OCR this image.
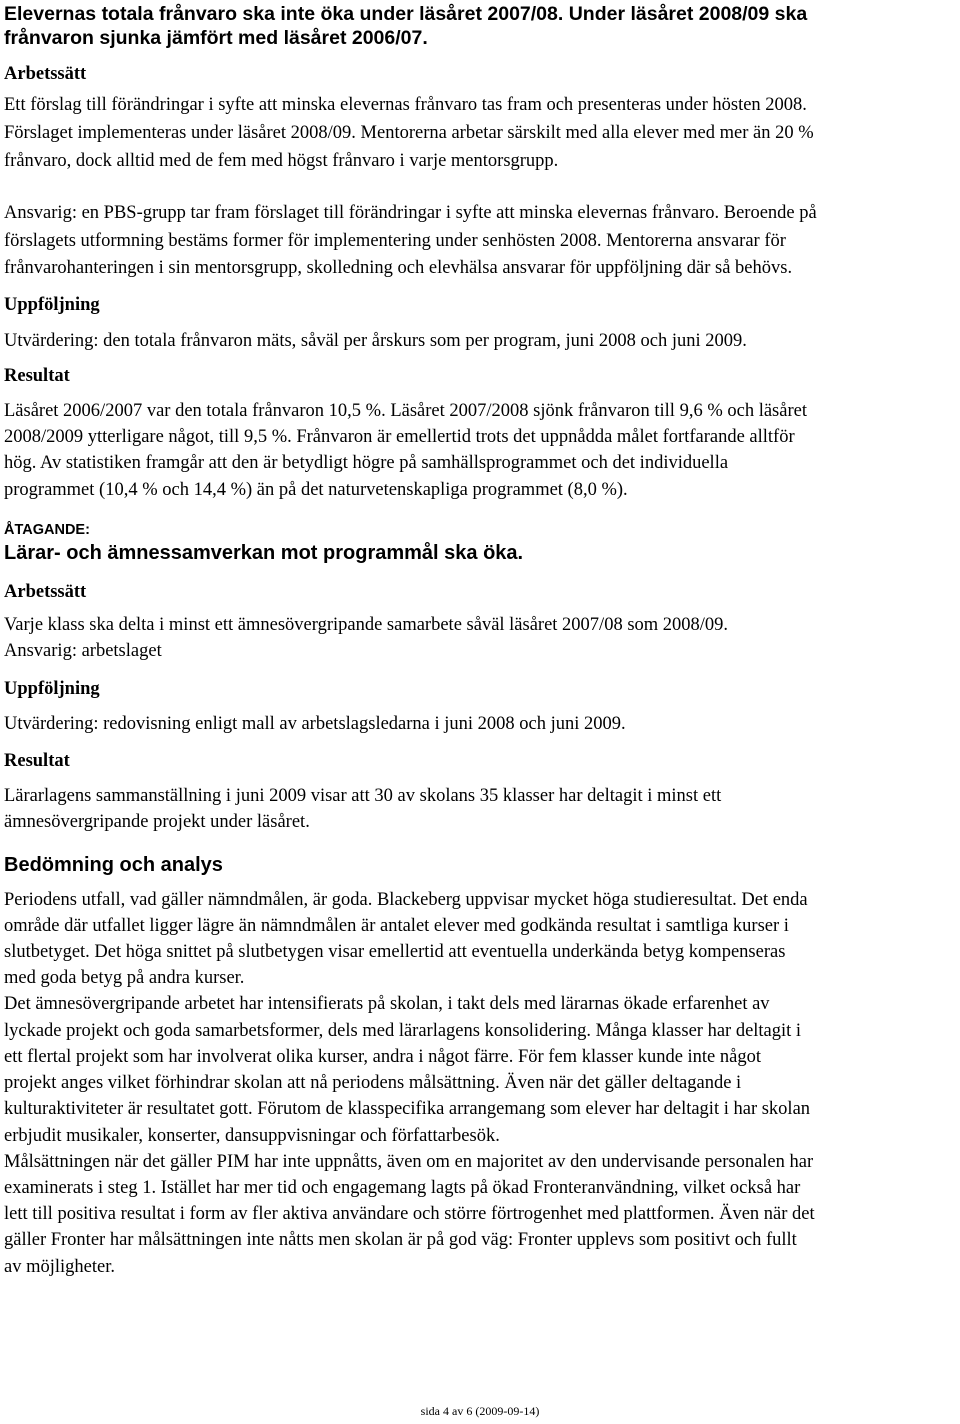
Elevernas totala frånvaro ska inte öka under läsåret 2007/08. Under läsåret 2008/09 ska
frånvaron sjunka jämfört med läsåret 2006/07.
Arbetssätt
Ett förslag till förändringar i syfte att minska elevernas frånvaro tas fram och presenteras under hösten 2008.
Förslaget implementeras under läsåret 2008/09. Mentorerna arbetar särskilt med alla elever med mer än 20 %
frånvaro, dock alltid med de fem med högst frånvaro i varje mentorsgrupp.
Ansvarig: en PBS-grupp tar fram förslaget till förändringar i syfte att minska elevernas frånvaro. Beroende på
förslagets utformning bestäms former för implementering under senhösten 2008. Mentorerna ansvarar för
frånvarohanteringen i sin mentorsgrupp, skolledning och elevhälsa ansvarar för uppföljning där så behövs.
Uppföljning
Utvärdering: den totala frånvaron mäts, såväl per årskurs som per program, juni 2008 och juni 2009.
Resultat
Läsåret 2006/2007 var den totala frånvaron 10,5 %. Läsåret 2007/2008 sjönk frånvaron till 9,6 % och läsåret
2008/2009 ytterligare något, till 9,5 %. Frånvaron är emellertid trots det uppnådda målet fortfarande alltför
hög. Av statistiken framgår att den är betydligt högre på samhällsprogrammet och det individuella
programmet (10,4 % och 14,4 %) än på det naturvetenskapliga programmet (8,0 %).
ÅTAGANDE:
Lärar- och ämnessamverkan mot programmål ska öka.
Arbetssätt
Varje klass ska delta i minst ett ämnesövergripande samarbete såväl läsåret 2007/08 som 2008/09.
Ansvarig: arbetslaget
Uppföljning
Utvärdering: redovisning enligt mall av arbetslagsledarna i juni 2008 och juni 2009.
Resultat
Lärarlagens sammanställning i juni 2009 visar att 30 av skolans 35 klasser har deltagit i minst ett
ämnesövergripande projekt under läsåret.
Bedömning och analys
Periodens utfall, vad gäller nämndmålen, är goda. Blackeberg uppvisar mycket höga studieresultat. Det enda
område där utfallet ligger lägre än nämndmålen är antalet elever med godkända resultat i samtliga kurser i
slutbetyget. Det höga snittet på slutbetygen visar emellertid att eventuella underkända betyg kompenseras
med goda betyg på andra kurser.
Det ämnesövergripande arbetet har intensifierats på skolan, i takt dels med lärarnas ökade erfarenhet av
lyckade projekt och goda samarbetsformer, dels med lärarlagens konsolidering. Många klasser har deltagit i
ett flertal projekt som har involverat olika kurser, andra i något färre. För fem klasser kunde inte något
projekt anges vilket förhindrar skolan att nå periodens målsättning. Även när det gäller deltagande i
kulturaktiviteter är resultatet gott. Förutom de klasspecifika arrangemang som elever har deltagit i har skolan
erbjudit musikaler, konserter, dansuppvisningar och författarbesök.
Målsättningen när det gäller PIM har inte uppnåtts, även om en majoritet av den undervisande personalen har
examinerats i steg 1. Istället har mer tid och engagemang lagts på ökad Fronteranvändning, vilket också har
lett till positiva resultat i form av fler aktiva användare och större förtrogenhet med plattformen. Även när det
gäller Fronter har målsättningen inte nåtts men skolan är på god väg: Fronter upplevs som positivt och fullt
av möjligheter.
sida 4 av 6 (2009-09-14)
